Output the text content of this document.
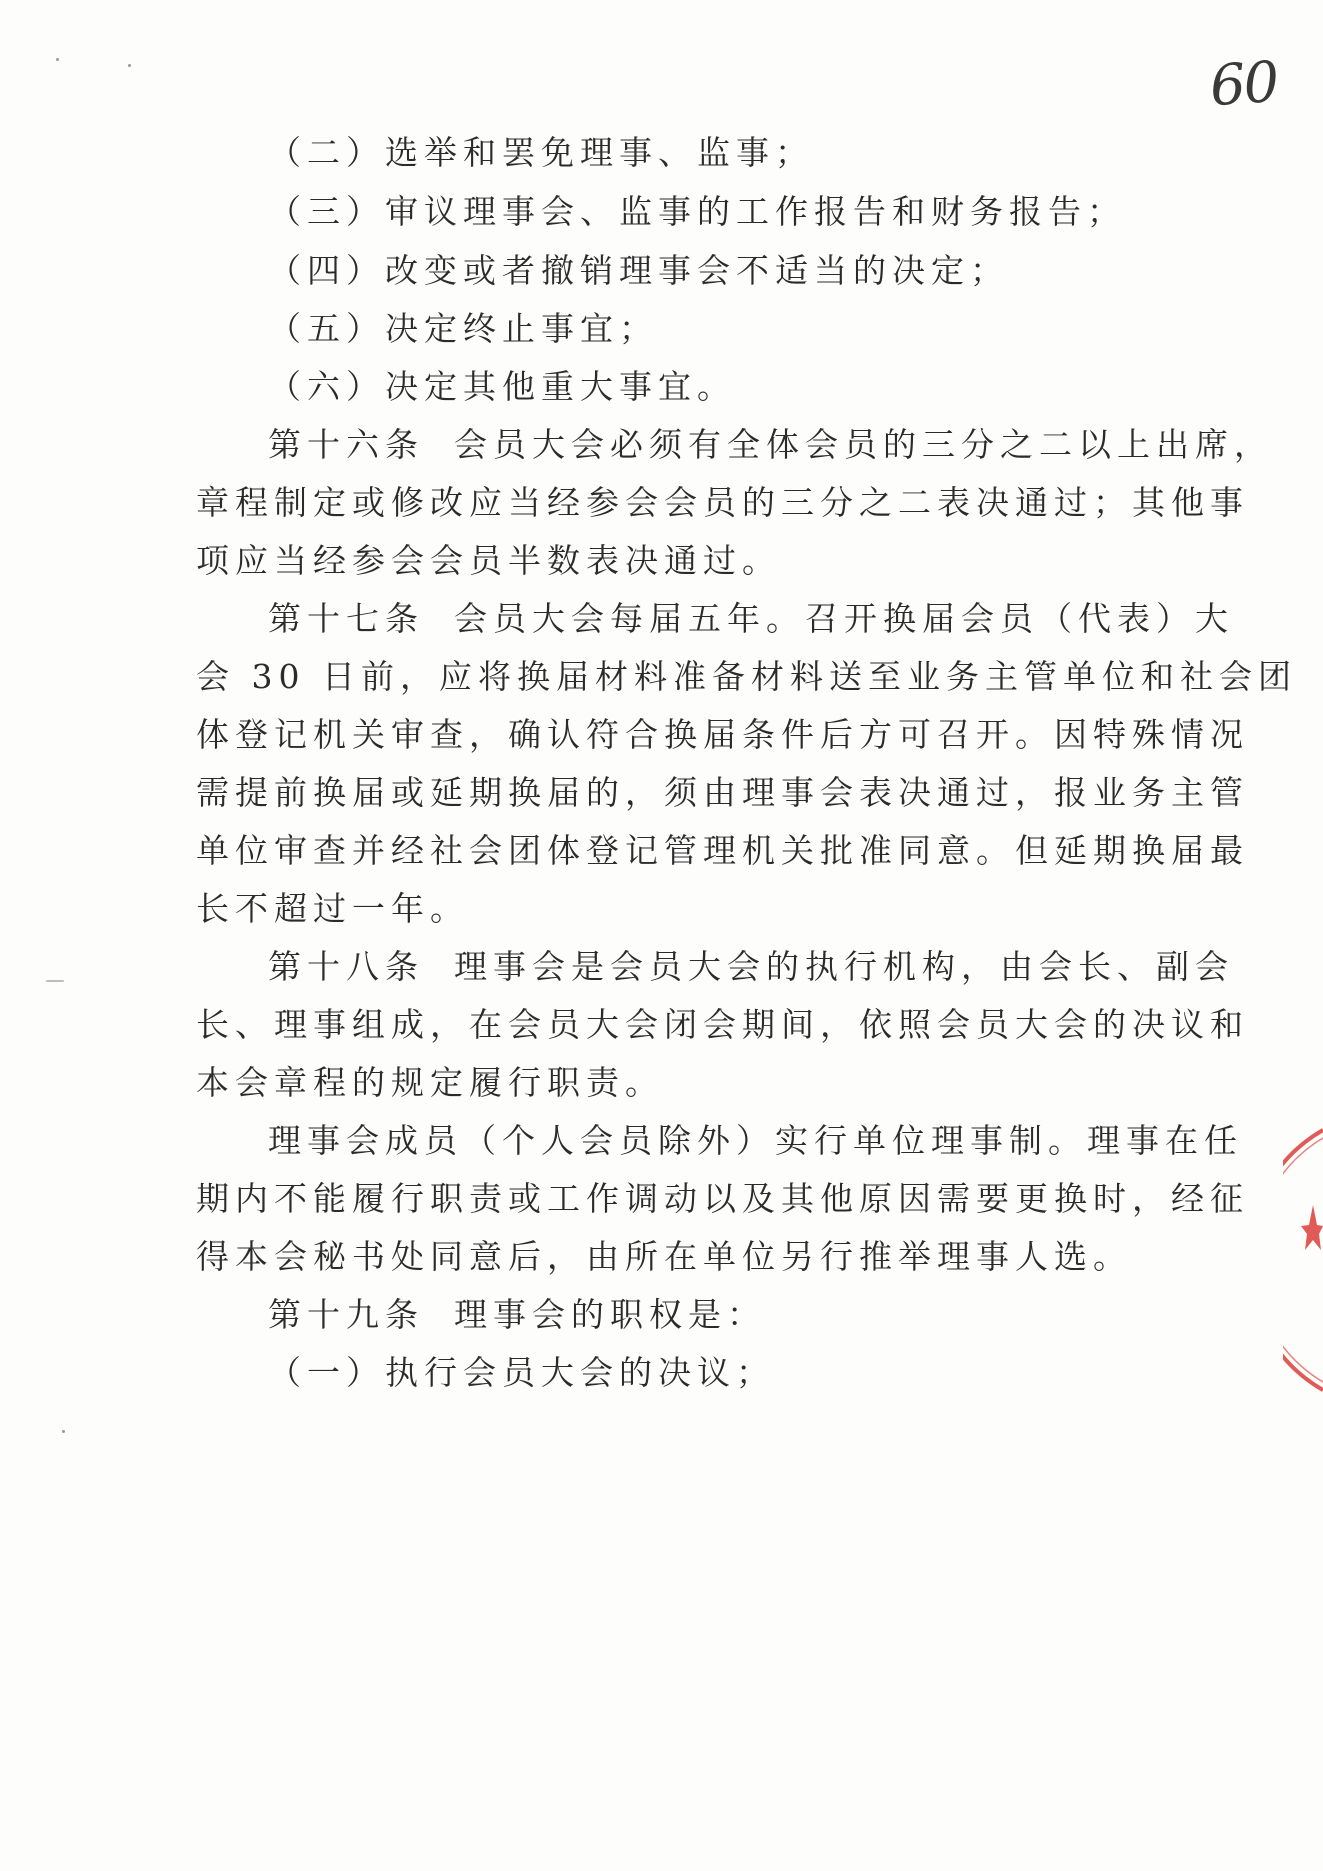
60
（二）选举和罢免理事、监事；
（三）审议理事会、监事的工作报告和财务报告；
（四）改变或者撤销理事会不适当的决定；
（五）决定终止事宜；
（六）决定其他重大事宜。
第十六条 会员大会必须有全体会员的三分之二以上出席，
章程制定或修改应当经参会会员的三分之二表决通过；其他事
项应当经参会会员半数表决通过。
第十七条 会员大会每届五年。召开换届会员（代表）大
会 30 日前，应将换届材料准备材料送至业务主管单位和社会团
体登记机关审查，确认符合换届条件后方可召开。因特殊情况
需提前换届或延期换届的，须由理事会表决通过，报业务主管
单位审查并经社会团体登记管理机关批准同意。但延期换届最
长不超过一年。
第十八条 理事会是会员大会的执行机构，由会长、副会
长、理事组成，在会员大会闭会期间，依照会员大会的决议和
本会章程的规定履行职责。
理事会成员（个人会员除外）实行单位理事制。理事在任
期内不能履行职责或工作调动以及其他原因需要更换时，经征
得本会秘书处同意后，由所在单位另行推举理事人选。
第十九条 理事会的职权是：
（一）执行会员大会的决议；
